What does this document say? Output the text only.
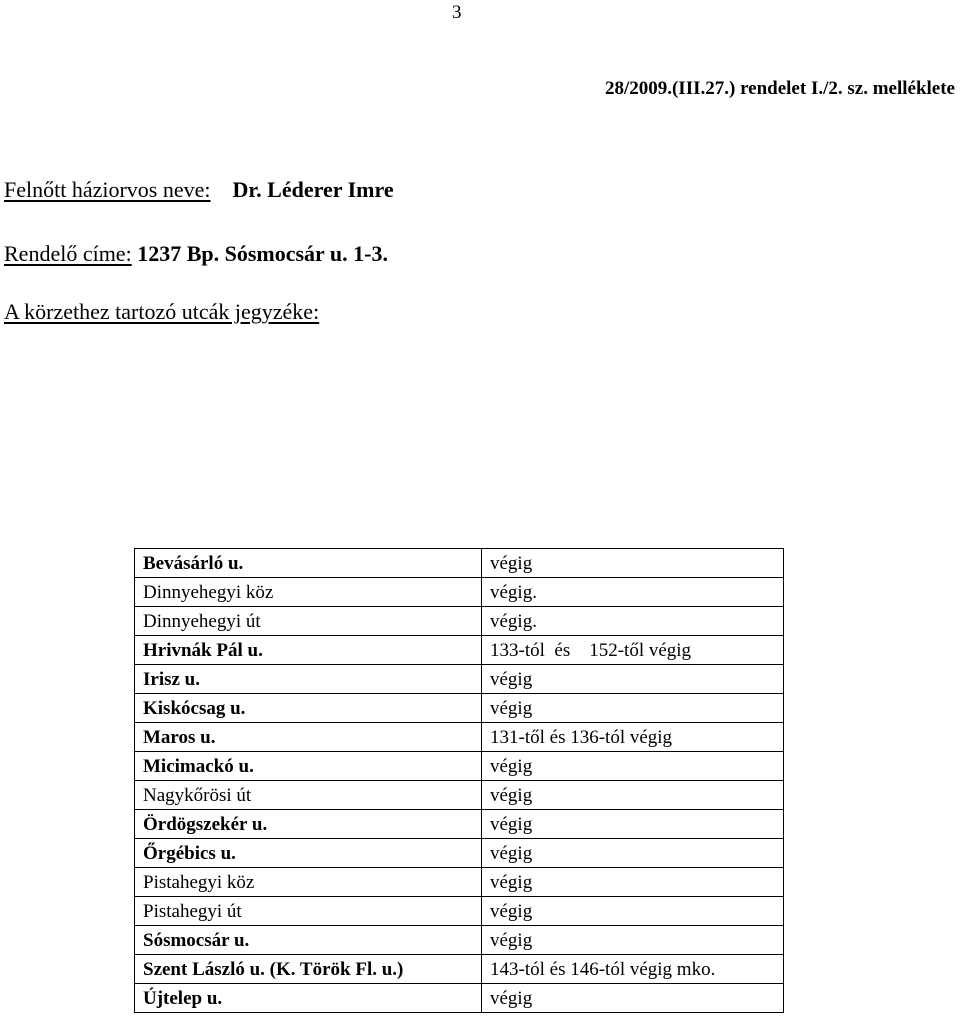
3
28/2009.(III.27.) rendelet I./2. sz. melléklete
Felnőtt háziorvos neve: Dr. Léderer Imre
Rendelő címe: 1237 Bp. Sósmocsár u. 1-3.
A körzethez tartozó utcák jegyzéke:
Bevásárló u.	végig
Dinnyehegyi köz	végig.
Dinnyehegyi út	végig.
Hrivnák Pál u.	133-tól  és    152-től végig
Irisz u.	végig
Kiskócsag u.	végig
Maros u.	131-től és 136-tól végig
Micimackó u.	végig
Nagykőrösi út	végig
Ördögszekér u.	végig
Őrgébics u.	végig
Pistahegyi köz	végig
Pistahegyi út	végig
Sósmocsár u.	végig
Szent László u. (K. Török Fl. u.)	143-tól és 146-tól végig mko.
Újtelep u.	végig
